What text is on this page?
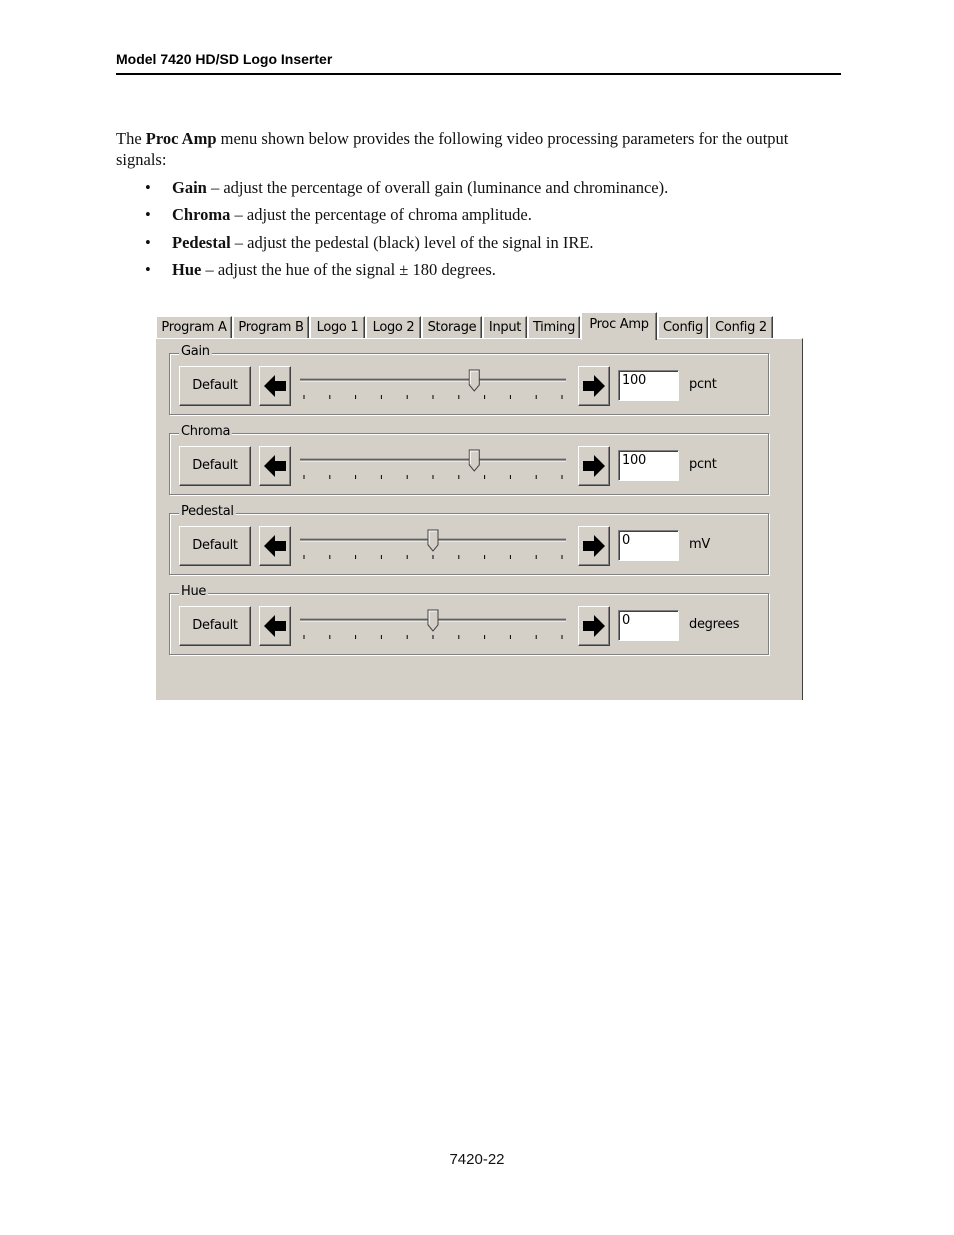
Model 7420 HD/SD Logo Inserter

The Proc Amp menu shown below provides the following video processing parameters for the output signals:

• Gain – adjust the percentage of overall gain (luminance and chrominance).
• Chroma – adjust the percentage of chroma amplitude.
• Pedestal – adjust the pedestal (black) level of the signal in IRE.
• Hue – adjust the hue of the signal ± 180 degrees.
Program A Program B	Logo 1	Logo 2	Storage Input Timing	Proc Amp	Config Config 2
Gain
Default	100	pcnt
Chroma
Default	100	pcnt
Pedestal
Default	0	mV
Hue
Default	0	degrees
7420-22
